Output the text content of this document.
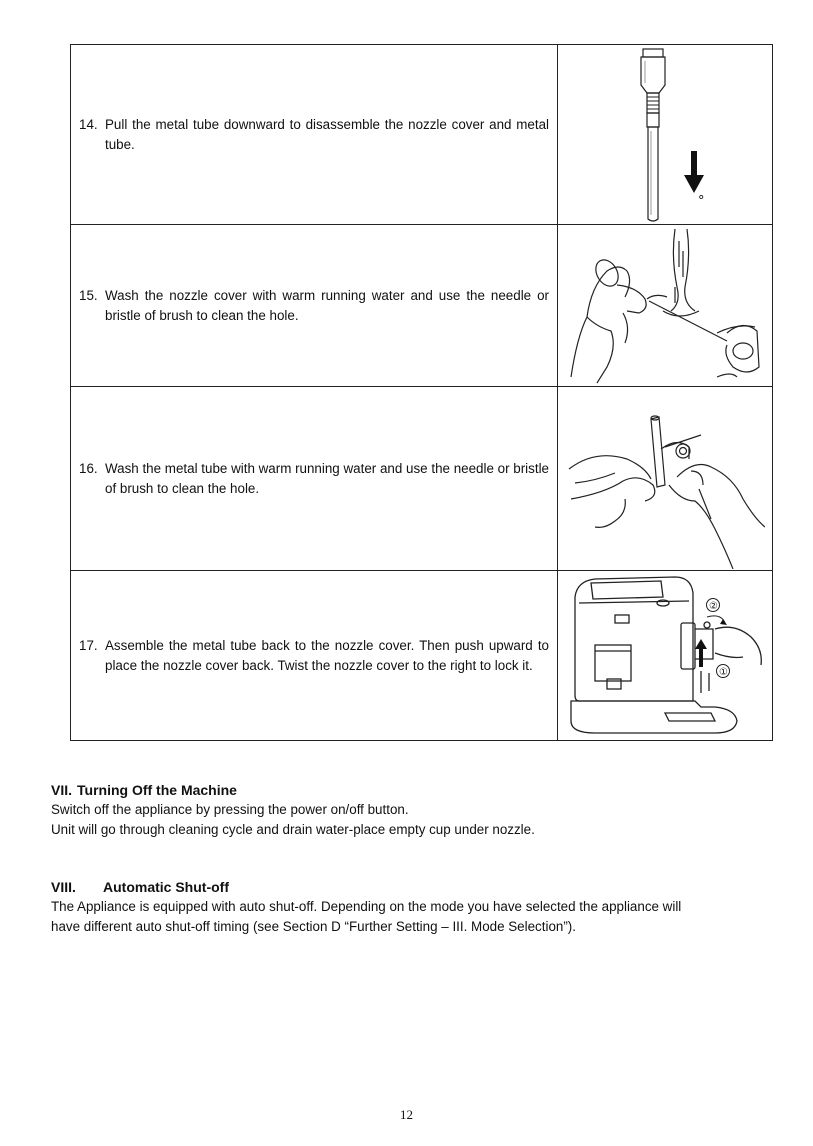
14. Pull the metal tube downward to disassemble the nozzle cover and metal tube.	°

15. Wash the nozzle cover with warm running water and use the needle or bristle of brush to clean the hole.

16. Wash the metal tube with warm running water and use the needle or bristle of brush to clean the hole.

17. Assemble the metal tube back to the nozzle cover. Then push upward to place the nozzle cover back. Twist the nozzle cover to the right to lock it.	②
①
VII. Turning Off the Machine
Switch off the appliance by pressing the power on/off button.
Unit will go through cleaning cycle and drain water-place empty cup under nozzle.
VIII. Automatic Shut-off
The Appliance is equipped with auto shut-off. Depending on the mode you have selected the appliance will
have different auto shut-off timing (see Section D “Further Setting – III. Mode Selection”).
12
